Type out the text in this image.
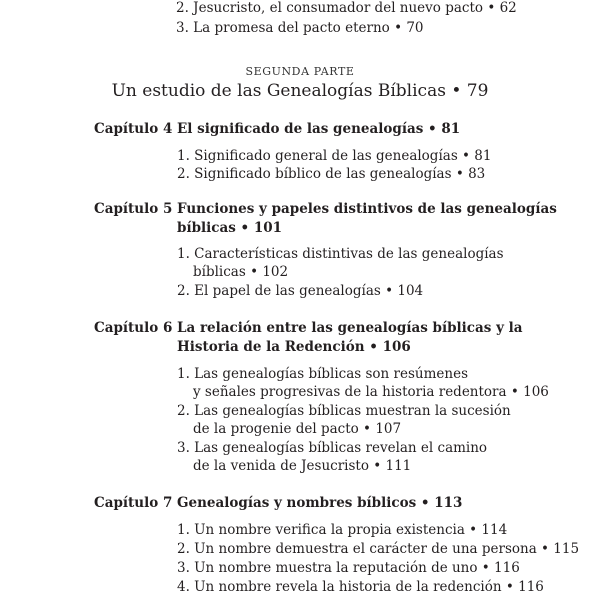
2. Jesucristo, el consumador del nuevo pacto • 62
3. La promesa del pacto eterno • 70
SEGUNDA PARTE
Un estudio de las Genealogías Bíblicas • 79
Capítulo 4 El significado de las genealogías • 81
1. Significado general de las genealogías • 81
2. Significado bíblico de las genealogías • 83
Capítulo 5 Funciones y papeles distintivos de las genealogías
bíblicas • 101
1. Características distintivas de las genealogías
bíblicas • 102
2. El papel de las genealogías • 104
Capítulo 6 La relación entre las genealogías bíblicas y la
Historia de la Redención • 106
1. Las genealogías bíblicas son resúmenes
y señales progresivas de la historia redentora • 106
2. Las genealogías bíblicas muestran la sucesión
de la progenie del pacto • 107
3. Las genealogías bíblicas revelan el camino
de la venida de Jesucristo • 111
Capítulo 7 Genealogías y nombres bíblicos • 113
1. Un nombre verifica la propia existencia • 114
2. Un nombre demuestra el carácter de una persona • 115
3. Un nombre muestra la reputación de uno • 116
4. Un nombre revela la historia de la redención • 116
